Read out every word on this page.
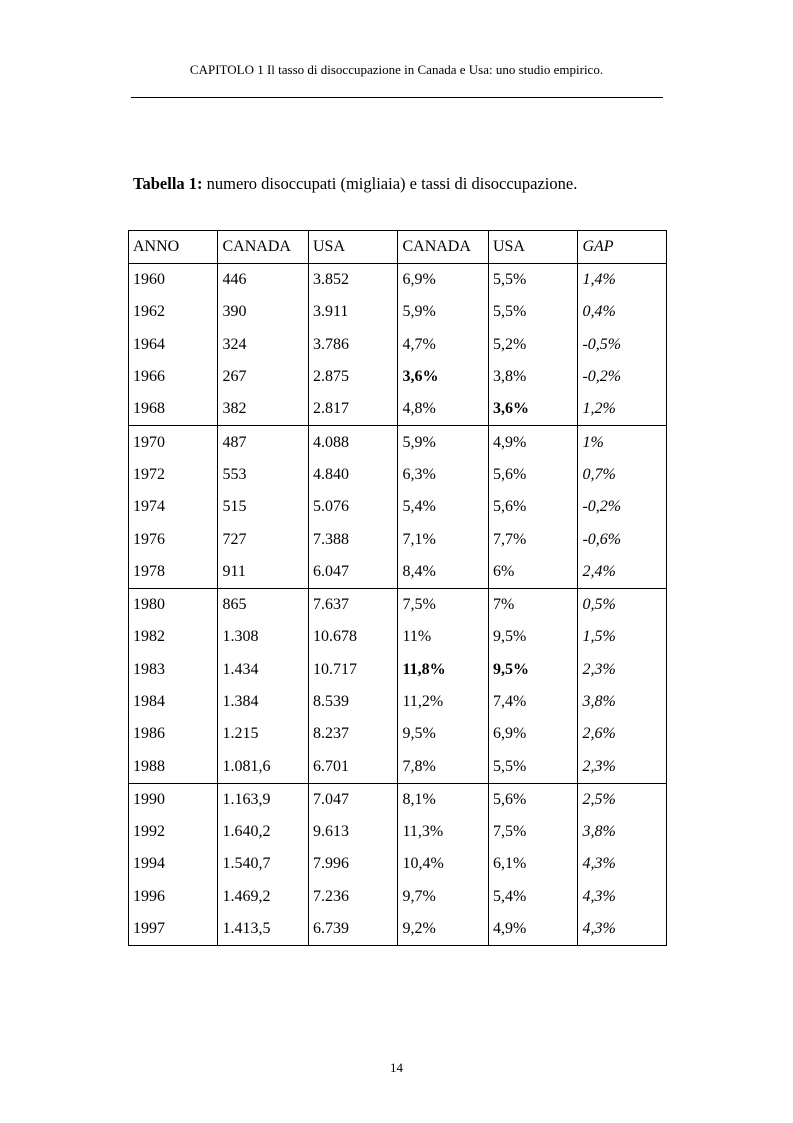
CAPITOLO 1 Il tasso di disoccupazione in Canada e Usa: uno studio empirico.
Tabella 1: numero disoccupati (migliaia) e tassi di disoccupazione.
ANNO	CANADA	USA	CANADA	USA	GAP
1960	446	3.852	6,9%	5,5%	1,4%
1962	390	3.911	5,9%	5,5%	0,4%
1964	324	3.786	4,7%	5,2%	-0,5%
1966	267	2.875	3,6%	3,8%	-0,2%
1968	382	2.817	4,8%	3,6%	1,2%
1970	487	4.088	5,9%	4,9%	1%
1972	553	4.840	6,3%	5,6%	0,7%
1974	515	5.076	5,4%	5,6%	-0,2%
1976	727	7.388	7,1%	7,7%	-0,6%
1978	911	6.047	8,4%	6%	2,4%
1980	865	7.637	7,5%	7%	0,5%
1982	1.308	10.678	11%	9,5%	1,5%
1983	1.434	10.717	11,8%	9,5%	2,3%
1984	1.384	8.539	11,2%	7,4%	3,8%
1986	1.215	8.237	9,5%	6,9%	2,6%
1988	1.081,6	6.701	7,8%	5,5%	2,3%
1990	1.163,9	7.047	8,1%	5,6%	2,5%
1992	1.640,2	9.613	11,3%	7,5%	3,8%
1994	1.540,7	7.996	10,4%	6,1%	4,3%
1996	1.469,2	7.236	9,7%	5,4%	4,3%
1997	1.413,5	6.739	9,2%	4,9%	4,3%
14
